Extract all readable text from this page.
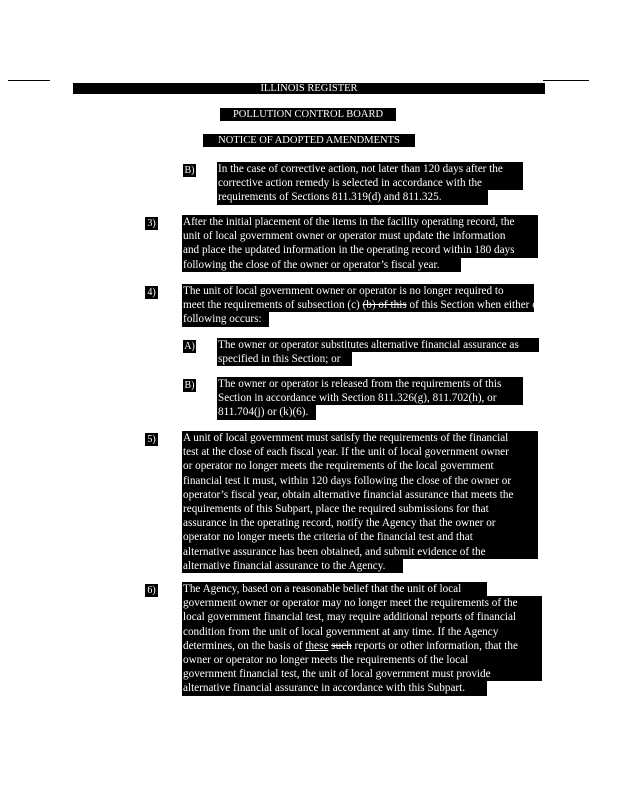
ILLINOIS REGISTER
POLLUTION CONTROL BOARD
NOTICE OF ADOPTED AMENDMENTS
B) In the case of corrective action, not later than 120 days after the
corrective action remedy is selected in accordance with the
requirements of Sections 811.319(d) and 811.325.
3) After the initial placement of the items in the facility operating record, the
unit of local government owner or operator must update the information
and place the updated information in the operating record within 180 days
following the close of the owner or operator’s fiscal year.
4) The unit of local government owner or operator is no longer required to
meet the requirements of subsection (c) (b) of this of this Section when either of the
following occurs:
A) The owner or operator substitutes alternative financial assurance as
specified in this Section; or
B) The owner or operator is released from the requirements of this
Section in accordance with Section 811.326(g), 811.702(h), or
811.704(j) or (k)(6).
5) A unit of local government must satisfy the requirements of the financial
test at the close of each fiscal year. If the unit of local government owner
or operator no longer meets the requirements of the local government
financial test it must, within 120 days following the close of the owner or
operator’s fiscal year, obtain alternative financial assurance that meets the
requirements of this Subpart, place the required submissions for that
assurance in the operating record, notify the Agency that the owner or
operator no longer meets the criteria of the financial test and that
alternative assurance has been obtained, and submit evidence of the
alternative financial assurance to the Agency.
6) The Agency, based on a reasonable belief that the unit of local
government owner or operator may no longer meet the requirements of the
local government financial test, may require additional reports of financial
condition from the unit of local government at any time. If the Agency
determines, on the basis of these such reports or other information, that the
owner or operator no longer meets the requirements of the local
government financial test, the unit of local government must provide
alternative financial assurance in accordance with this Subpart.
